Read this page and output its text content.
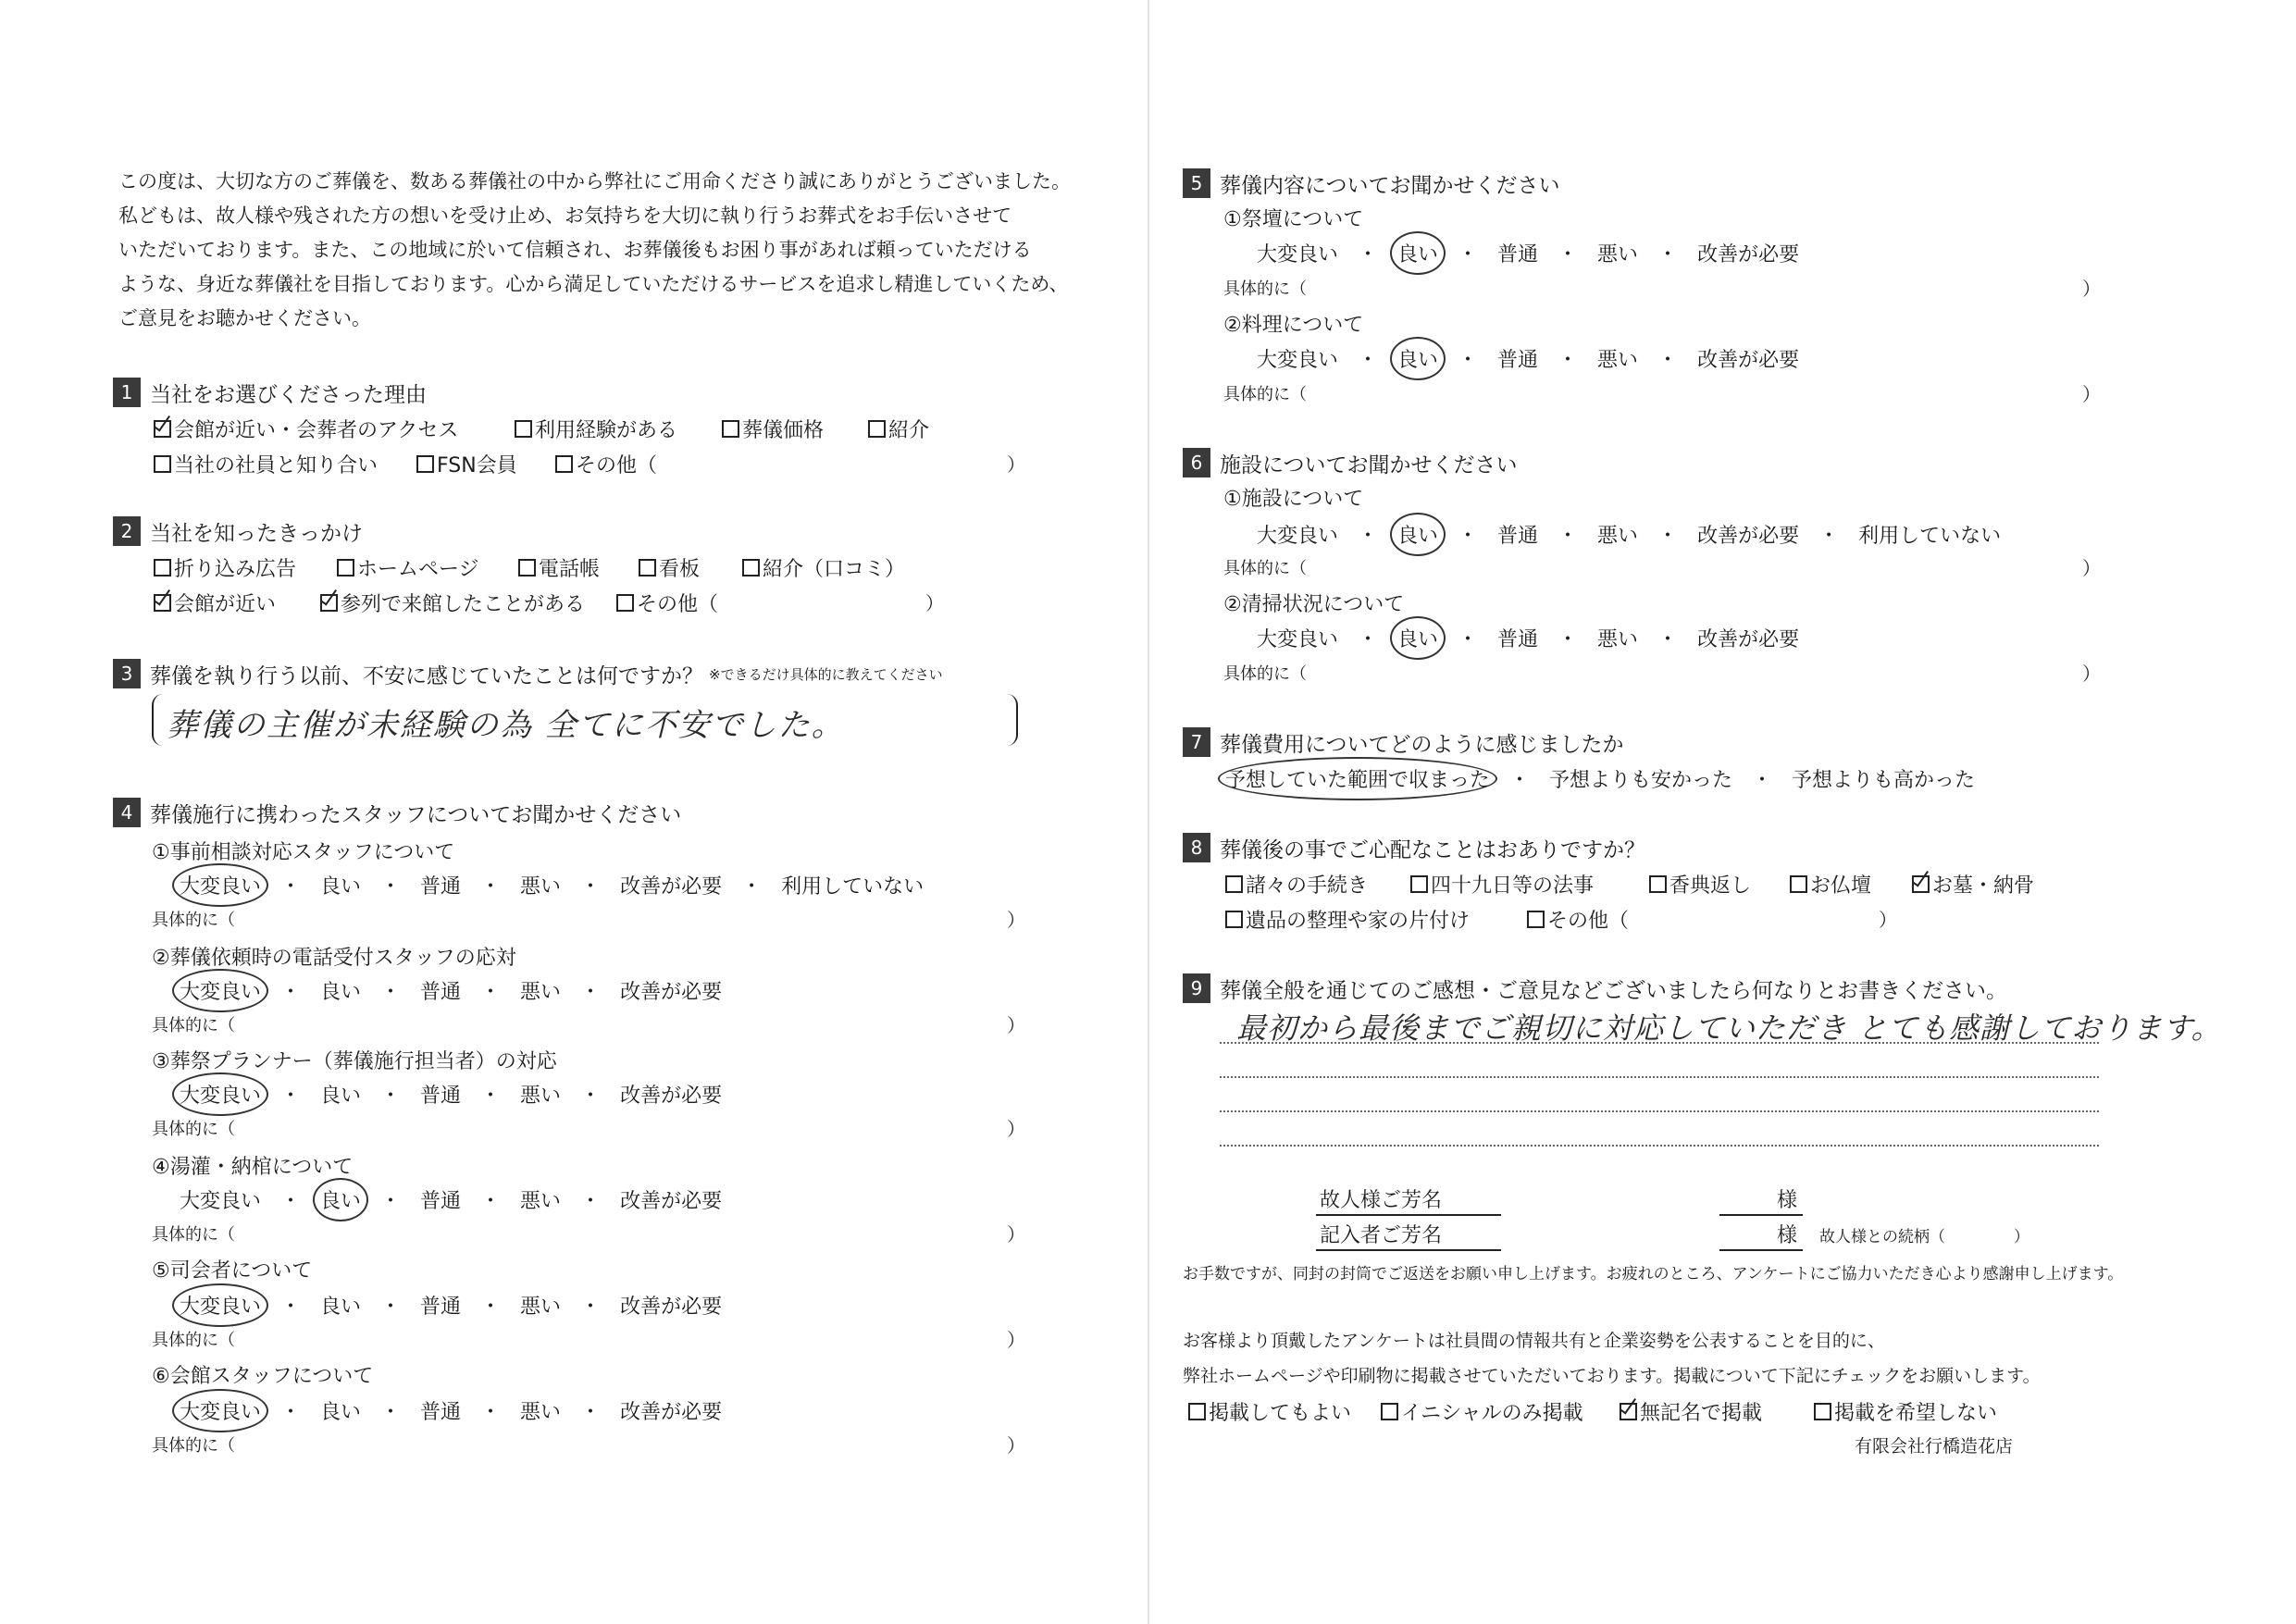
この度は、大切な方のご葬儀を、数ある葬儀社の中から弊社にご用命くださり誠にありがとうございました。
私どもは、故人様や残された方の想いを受け止め、お気持ちを大切に執り行うお葬式をお手伝いさせて
いただいております。また、この地域に於いて信頼され、お葬儀後もお困り事があれば頼っていただける
ような、身近な葬儀社を目指しております。心から満足していただけるサービスを追求し精進していくため、
ご意見をお聴かせください。
1 当社をお選びくださった理由
会館が近い・会葬者のアクセス	利用経験がある	葬儀価格	紹介
当社の社員と知り合い	FSN会員	その他（	）
2 当社を知ったきっかけ
折り込み広告	ホームページ	電話帳	看板	紹介（口コミ）
会館が近い	参列で来館したことがある	その他（	）
3 葬儀を執り行う以前、不安に感じていたことは何ですか？ ※できるだけ具体的に教えてください
葬儀の主催が未経験の為 全てに不安でした。
4 葬儀施行に携わったスタッフについてお聞かせください
①事前相談対応スタッフについて
大変良い ・ 良い ・ 普通 ・ 悪い ・ 改善が必要 ・ 利用していない
具体的に（	）
②葬儀依頼時の電話受付スタッフの応対
大変良い ・ 良い ・ 普通 ・ 悪い ・ 改善が必要
具体的に（	）
③葬祭プランナー（葬儀施行担当者）の対応
大変良い ・ 良い ・ 普通 ・ 悪い ・ 改善が必要
具体的に（	）
④湯灌・納棺について
大変良い ・ 良い ・ 普通 ・ 悪い ・ 改善が必要
具体的に（	）
⑤司会者について
大変良い ・ 良い ・ 普通 ・ 悪い ・ 改善が必要
具体的に（	）
⑥会館スタッフについて
大変良い ・ 良い ・ 普通 ・ 悪い ・ 改善が必要
具体的に（	）
5 葬儀内容についてお聞かせください
①祭壇について
大変良い ・ 良い ・ 普通 ・ 悪い ・ 改善が必要
具体的に（	）
②料理について
大変良い ・ 良い ・ 普通 ・ 悪い ・ 改善が必要
具体的に（	）
6 施設についてお聞かせください
①施設について
大変良い ・ 良い ・ 普通 ・ 悪い ・ 改善が必要 ・ 利用していない
具体的に（	）
②清掃状況について
大変良い ・ 良い ・ 普通 ・ 悪い ・ 改善が必要
具体的に（	）
7 葬儀費用についてどのように感じましたか
予想していた範囲で収まった ・ 予想よりも安かった ・ 予想よりも高かった
8 葬儀後の事でご心配なことはおありですか？
諸々の手続き	四十九日等の法事	香典返し	お仏壇	お墓・納骨
遺品の整理や家の片付け	その他（	）
9 葬儀全般を通じてのご感想・ご意見などございましたら何なりとお書きください。
最初から最後までご親切に対応していただき とても感謝しております。
故人様ご芳名	様
記入者ご芳名	様 故人様との続柄（	）
お手数ですが、同封の封筒でご返送をお願い申し上げます。お疲れのところ、アンケートにご協力いただき心より感謝申し上げます。
お客様より頂戴したアンケートは社員間の情報共有と企業姿勢を公表することを目的に、
弊社ホームページや印刷物に掲載させていただいております。掲載について下記にチェックをお願いします。
掲載してもよい	イニシャルのみ掲載	無記名で掲載	掲載を希望しない
有限会社行橋造花店
